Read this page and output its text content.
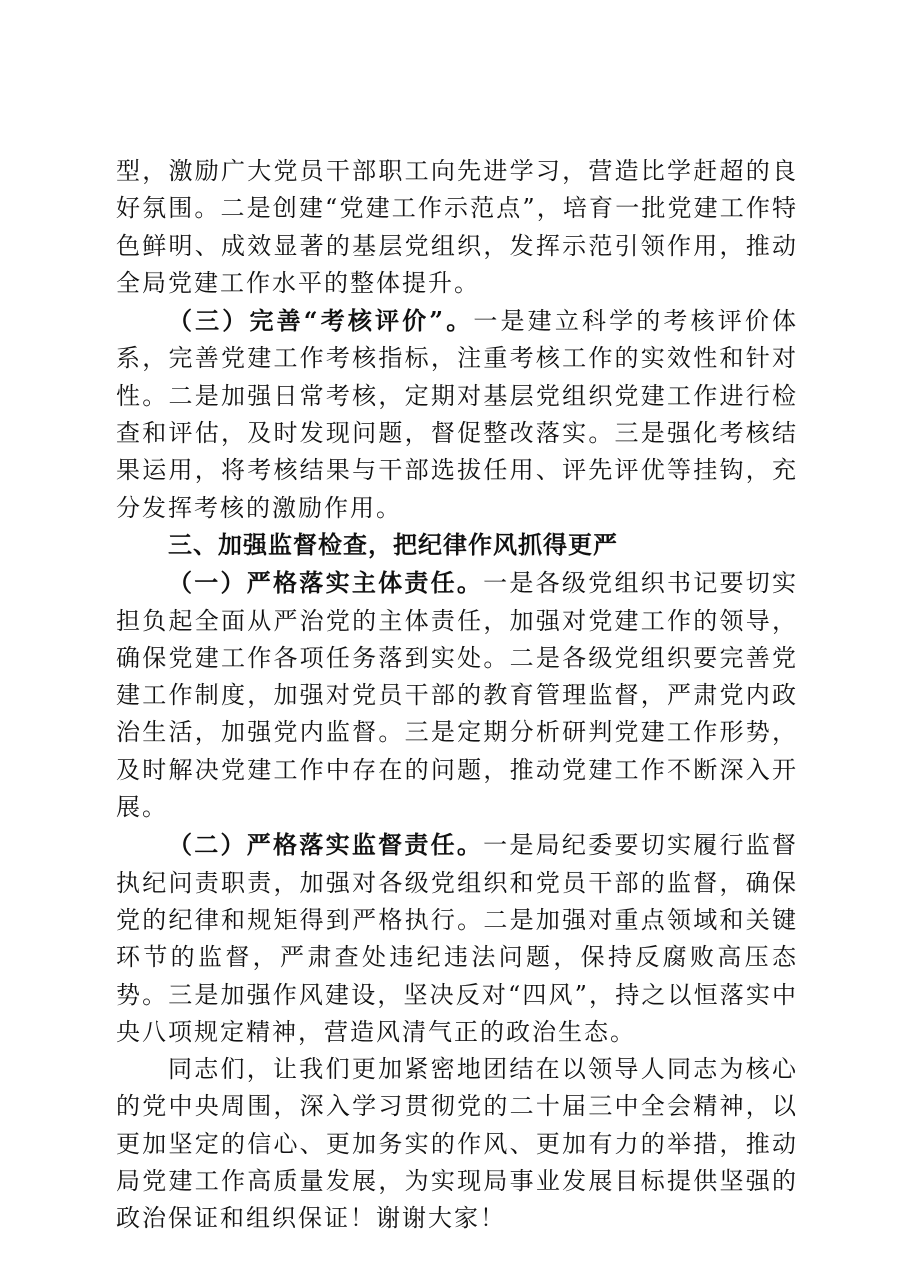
型，激励广大党员干部职工向先进学习，营造比学赶超的良好氛围。二是创建“党建工作示范点”，培育一批党建工作特色鲜明、成效显著的基层党组织，发挥示范引领作用，推动全局党建工作水平的整体提升。

（三）完善“考核评价”。一是建立科学的考核评价体系，完善党建工作考核指标，注重考核工作的实效性和针对性。二是加强日常考核，定期对基层党组织党建工作进行检查和评估，及时发现问题，督促整改落实。三是强化考核结果运用，将考核结果与干部选拔任用、评先评优等挂钩，充分发挥考核的激励作用。

三、加强监督检查，把纪律作风抓得更严

（一）严格落实主体责任。一是各级党组织书记要切实担负起全面从严治党的主体责任，加强对党建工作的领导，确保党建工作各项任务落到实处。二是各级党组织要完善党建工作制度，加强对党员干部的教育管理监督，严肃党内政治生活，加强党内监督。三是定期分析研判党建工作形势，及时解决党建工作中存在的问题，推动党建工作不断深入开展。

（二）严格落实监督责任。一是局纪委要切实履行监督执纪问责职责，加强对各级党组织和党员干部的监督，确保党的纪律和规矩得到严格执行。二是加强对重点领域和关键环节的监督，严肃查处违纪违法问题，保持反腐败高压态势。三是加强作风建设，坚决反对“四风”，持之以恒落实中央八项规定精神，营造风清气正的政治生态。

同志们，让我们更加紧密地团结在以领导人同志为核心的党中央周围，深入学习贯彻党的二十届三中全会精神，以更加坚定的信心、更加务实的作风、更加有力的举措，推动局党建工作高质量发展，为实现局事业发展目标提供坚强的政治保证和组织保证！谢谢大家！
